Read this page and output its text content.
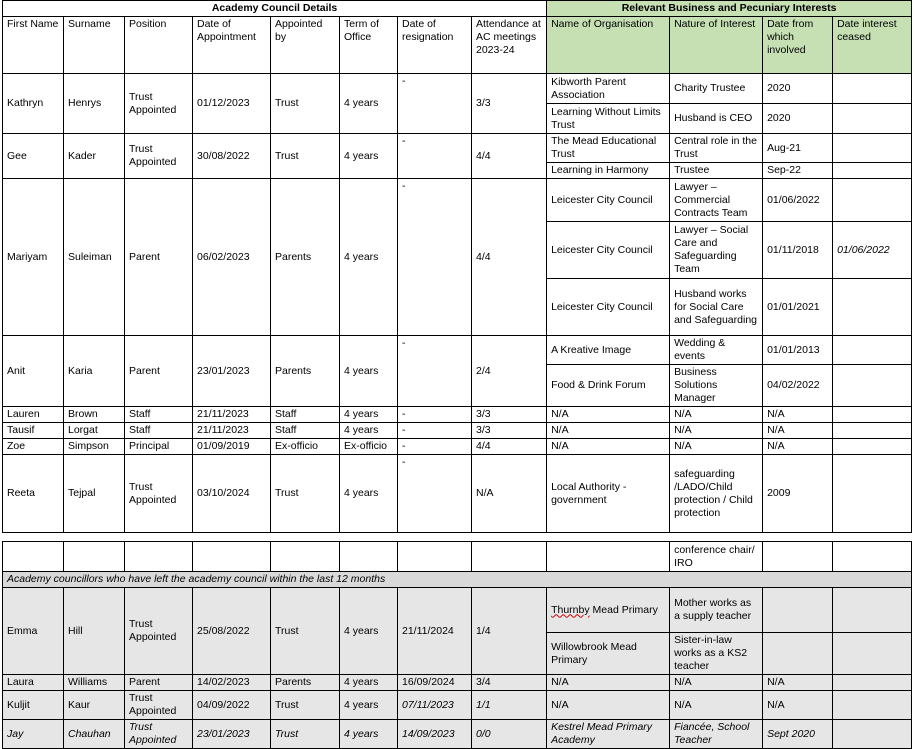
Academy Council Details								Relevant Business and Pecuniary Interests			
First Name	Surname	Position	Date of Appointment	Appointed by	Term of Office	Date of resignation	Attendance at AC meetings 2023-24	Name of Organisation	Nature of Interest	Date from which involved	Date interest ceased
Kathryn	Henrys	Trust Appointed	01/12/2023	Trust	4 years	-	3/3	Kibworth Parent Association	Charity Trustee	2020	
								Learning Without Limits Trust	Husband is CEO	2020	
Gee	Kader	Trust Appointed	30/08/2022	Trust	4 years	-	4/4	The Mead Educational Trust	Central role in the Trust	Aug-21	
								Learning in Harmony	Trustee	Sep-22	
Mariyam	Suleiman	Parent	06/02/2023	Parents	4 years	-	4/4	Leicester City Council	Lawyer – Commercial Contracts Team	01/06/2022	
								Leicester City Council	Lawyer – Social Care and Safeguarding Team	01/11/2018	01/06/2022
								Leicester City Council	Husband works for Social Care and Safeguarding	01/01/2021	
Anit	Karia	Parent	23/01/2023	Parents	4 years	-	2/4	A Kreative Image	Wedding & events	01/01/2013	
								Food & Drink Forum	Business Solutions Manager	04/02/2022	
Lauren	Brown	Staff	21/11/2023	Staff	4 years	-	3/3	N/A	N/A	N/A	
Tausif	Lorgat	Staff	21/11/2023	Staff	4 years	-	3/3	N/A	N/A	N/A	
Zoe	Simpson	Principal	01/09/2019	Ex-officio	Ex-officio	-	4/4	N/A	N/A	N/A	
Reeta	Tejpal	Trust Appointed	03/10/2024	Trust	4 years	-	N/A	Local Authority - government	safeguarding /LADO/Child protection / Child protection	2009	

									conference chair/ IRO		
Academy councillors who have left the academy council within the last 12 months											
Emma	Hill	Trust Appointed	25/08/2022	Trust	4 years	21/11/2024	1/4	Thurnby Mead Primary	Mother works as a supply teacher		
								Willowbrook Mead Primary	Sister-in-law works as a KS2 teacher		
Laura	Williams	Parent	14/02/2023	Parents	4 years	16/09/2024	3/4	N/A	N/A	N/A	
Kuljit	Kaur	Trust Appointed	04/09/2022	Trust	4 years	07/11/2023	1/1	N/A	N/A	N/A	
Jay	Chauhan	Trust Appointed	23/01/2023	Trust	4 years	14/09/2023	0/0	Kestrel Mead Primary Academy	Fiancée, School Teacher	Sept 2020	
